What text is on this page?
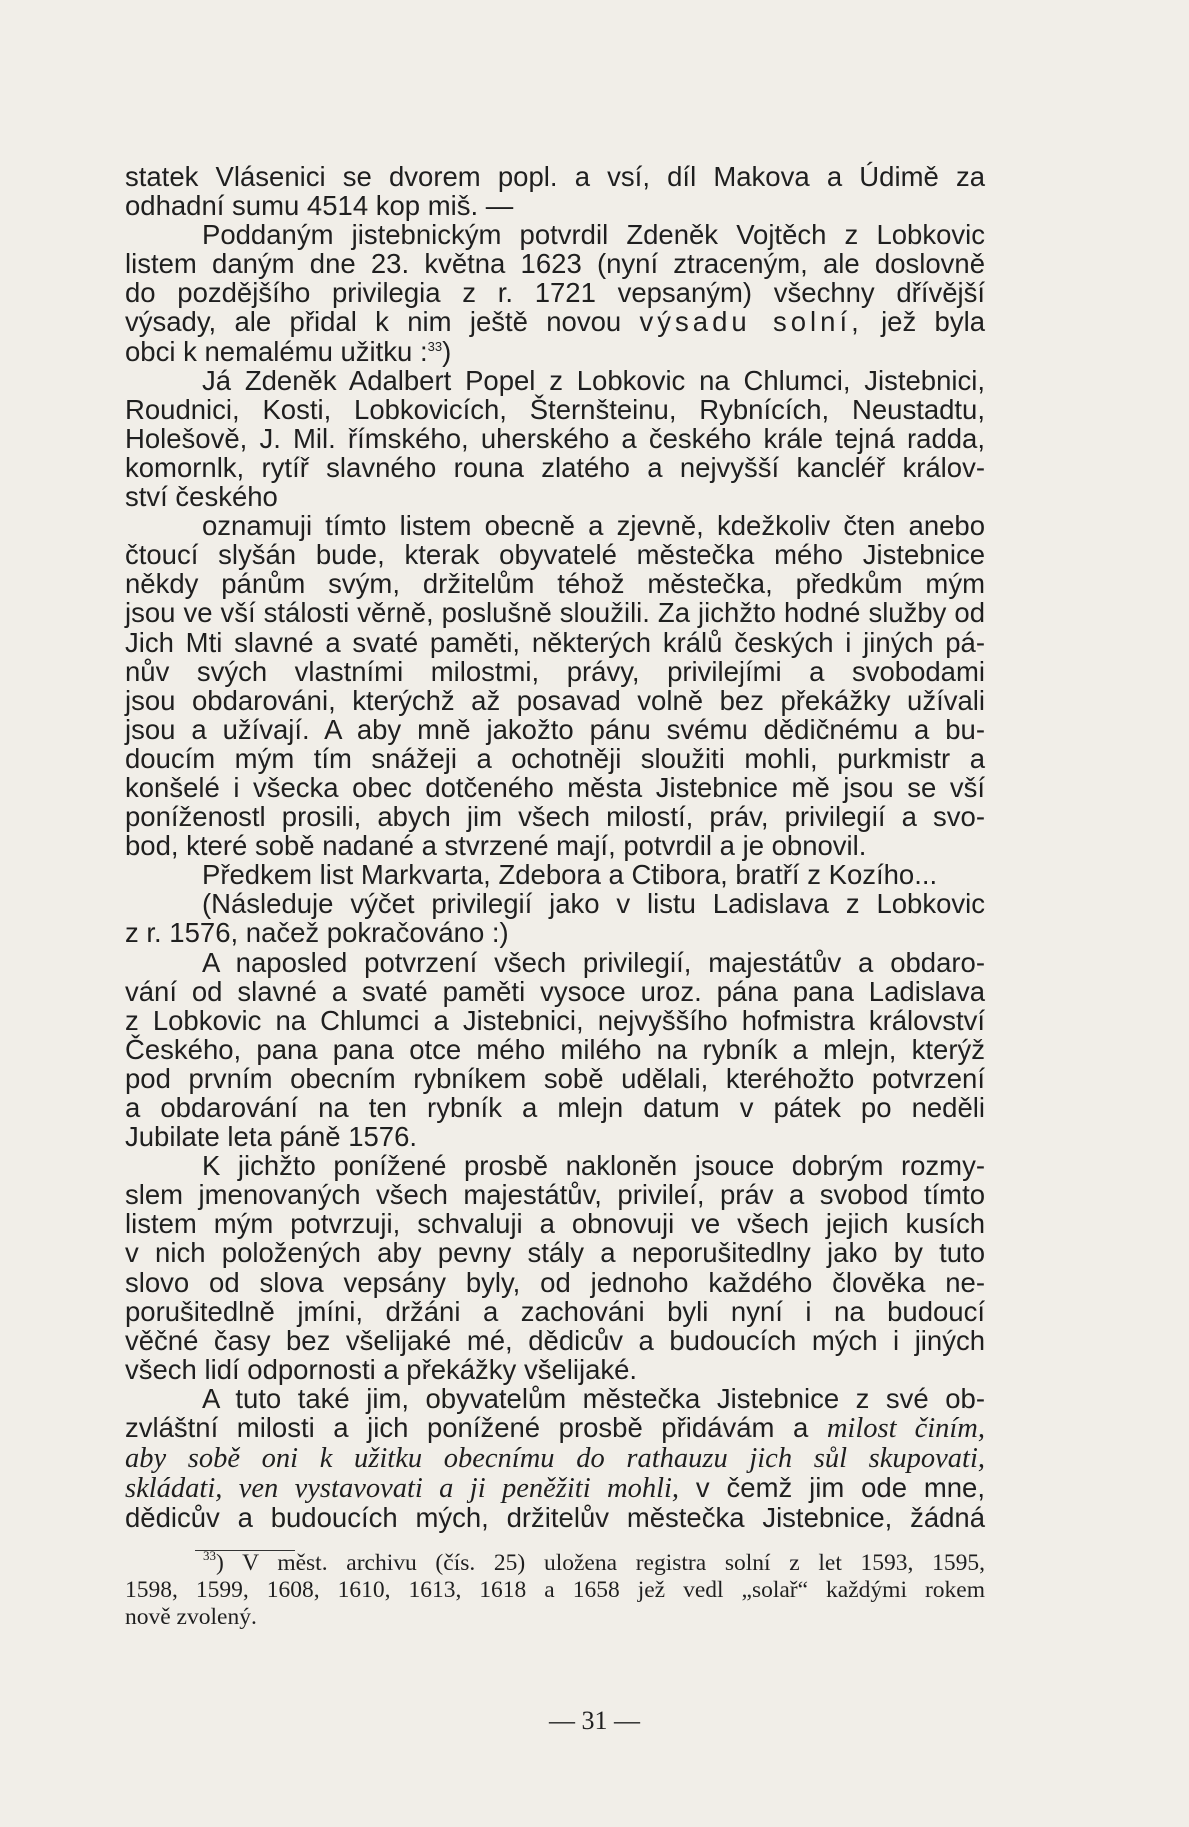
statek Vlásenici se dvorem popl. a vsí, díl Makova a Údimě za

odhadní sumu 4514 kop miš. —

Poddaným jistebnickým potvrdil Zdeněk Vojtěch z Lobkovic

listem daným dne 23. května 1623 (nyní ztraceným, ale doslovně

do pozdějšího privilegia z r. 1721 vepsaným) všechny dřívější

výsady, ale přidal k nim ještě novou výsadu solní, jež byla

obci k nemalému užitku :$^{33}$)

Já Zdeněk Adalbert Popel z Lobkovic na Chlumci, Jistebnici,

Roudnici, Kosti, Lobkovicích, Šternšteinu, Rybnících, Neustadtu,

Holešově, J. Mil. římského, uherského a českého krále tejná radda,

komornlk, rytíř slavného rouna zlatého a nejvyšší kancléř králov-

ství českého

oznamuji tímto listem obecně a zjevně, kdežkoliv čten anebo

čtoucí slyšán bude, kterak obyvatelé městečka mého Jistebnice

někdy pánům svým, držitelům téhož městečka, předkům mým

jsou ve vší stálosti věrně, poslušně sloužili. Za jichžto hodné služby od

Jich Mti slavné a svaté paměti, některých králů českých i jiných pá-

nův svých vlastními milostmi, právy, privilejími a svobodami

jsou obdarováni, kterýchž až posavad volně bez překážky užívali

jsou a užívají. A aby mně jakožto pánu svému dědičnému a bu-

doucím mým tím snážeji a ochotněji sloužiti mohli, purkmistr a

konšelé i všecka obec dotčeného města Jistebnice mě jsou se vší

poníženostl prosili, abych jim všech milostí, práv, privilegií a svo-

bod, které sobě nadané a stvrzené mají, potvrdil a je obnovil.

Předkem list Markvarta, Zdebora a Ctibora, bratří z Kozího...

(Následuje výčet privilegií jako v listu Ladislava z Lobkovic

z r. 1576, načež pokračováno :)

A naposled potvrzení všech privilegií, majestátův a obdaro-

vání od slavné a svaté paměti vysoce uroz. pána pana Ladislava

z Lobkovic na Chlumci a Jistebnici, nejvyššího hofmistra království

Českého, pana pana otce mého milého na rybník a mlejn, kterýž

pod prvním obecním rybníkem sobě udělali, kteréhožto potvrzení

a obdarování na ten rybník a mlejn datum v pátek po neděli

Jubilate leta páně 1576.

K jichžto ponížené prosbě nakloněn jsouce dobrým rozmy-

slem jmenovaných všech majestátův, privileí, práv a svobod tímto

listem mým potvrzuji, schvaluji a obnovuji ve všech jejich kusích

v nich položených aby pevny stály a neporušitedlny jako by tuto

slovo od slova vepsány byly, od jednoho každého člověka ne-

porušitedlně jmíni, držáni a zachováni byli nyní i na budoucí

věčné časy bez všelijaké mé, dědicův a budoucích mých i jiných

všech lidí odpornosti a překážky všelijaké.

A tuto také jim, obyvatelům městečka Jistebnice z své ob-

zvláštní milosti a jich ponížené prosbě přidávám a milost činím,

aby sobě oni k užitku obecnímu do rathauzu jich sůl skupovati,

skládati, ven vystavovati a ji peněžiti mohli, v čemž jim ode mne,

dědicův a budoucích mých, držitelův městečka Jistebnice, žádná

$^{33}$) V měst. archivu (čís. 25) uložena registra solní z let 1593, 1595,

1598, 1599, 1608, 1610, 1613, 1618 a 1658 jež vedl „solař“ každými rokem

nově zvolený.

— 31 —
